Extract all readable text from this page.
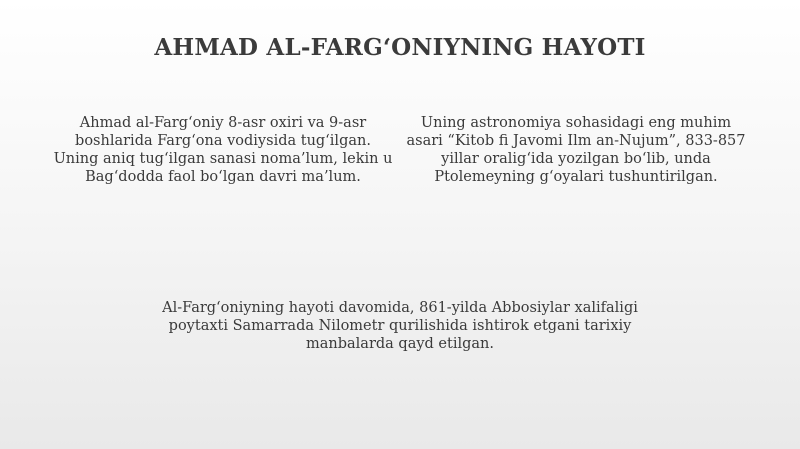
AHMAD AL-FARG‘ONIYNING HAYOTI

Ahmad al-Farg‘oniy 8-asr oxiri va 9-asr boshlarida Farg‘ona vodiysida tug‘ilgan. Uning aniq tug‘ilgan sanasi noma’lum, lekin u Bag‘dodda faol bo‘lgan davri ma’lum.

Uning astronomiya sohasidagi eng muhim asari “Kitob fi Javomi Ilm an-Nujum”, 833-857 yillar oralig‘ida yozilgan bo‘lib, unda Ptolemeyning g‘oyalari tushuntirilgan.

Al-Farg‘oniyning hayoti davomida, 861-yilda Abbosiylar xalifaligi poytaxti Samarrada Nilometr qurilishida ishtirok etgani tarixiy manbalarda qayd etilgan.
